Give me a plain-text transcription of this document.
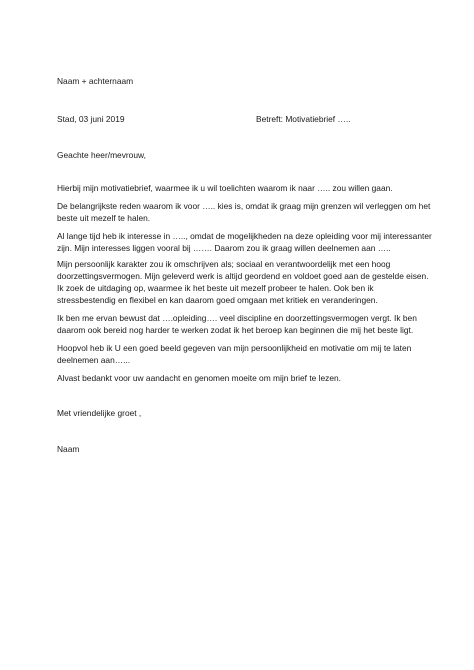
Naam + achternaam
Stad, 03 juni 2019	Betreft: Motivatiebrief …..
Geachte heer/mevrouw,
Hierbij mijn motivatiebrief, waarmee ik u wil toelichten waarom ik naar ….. zou willen gaan.
De belangrijkste reden waarom ik voor ….. kies is, omdat ik graag mijn grenzen wil verleggen om het
beste uit mezelf te halen.
Al lange tijd heb ik interesse in ….., omdat de mogelijkheden na deze opleiding voor mij interessanter
zijn. Mijn interesses liggen vooral bij ……. Daarom zou ik graag willen deelnemen aan …..
Mijn persoonlijk karakter zou ik omschrijven als; sociaal en verantwoordelijk met een hoog
doorzettingsvermogen. Mijn geleverd werk is altijd geordend en voldoet goed aan de gestelde eisen.
Ik zoek de uitdaging op, waarmee ik het beste uit mezelf probeer te halen. Ook ben ik
stressbestendig en flexibel en kan daarom goed omgaan met kritiek en veranderingen.
Ik ben me ervan bewust dat ….opleiding…. veel discipline en doorzettingsvermogen vergt. Ik ben
daarom ook bereid nog harder te werken zodat ik het beroep kan beginnen die mij het beste ligt.
Hoopvol heb ik U een goed beeld gegeven van mijn persoonlijkheid en motivatie om mij te laten
deelnemen aan…...
Alvast bedankt voor uw aandacht en genomen moeite om mijn brief te lezen.
Met vriendelijke groet ,
Naam
